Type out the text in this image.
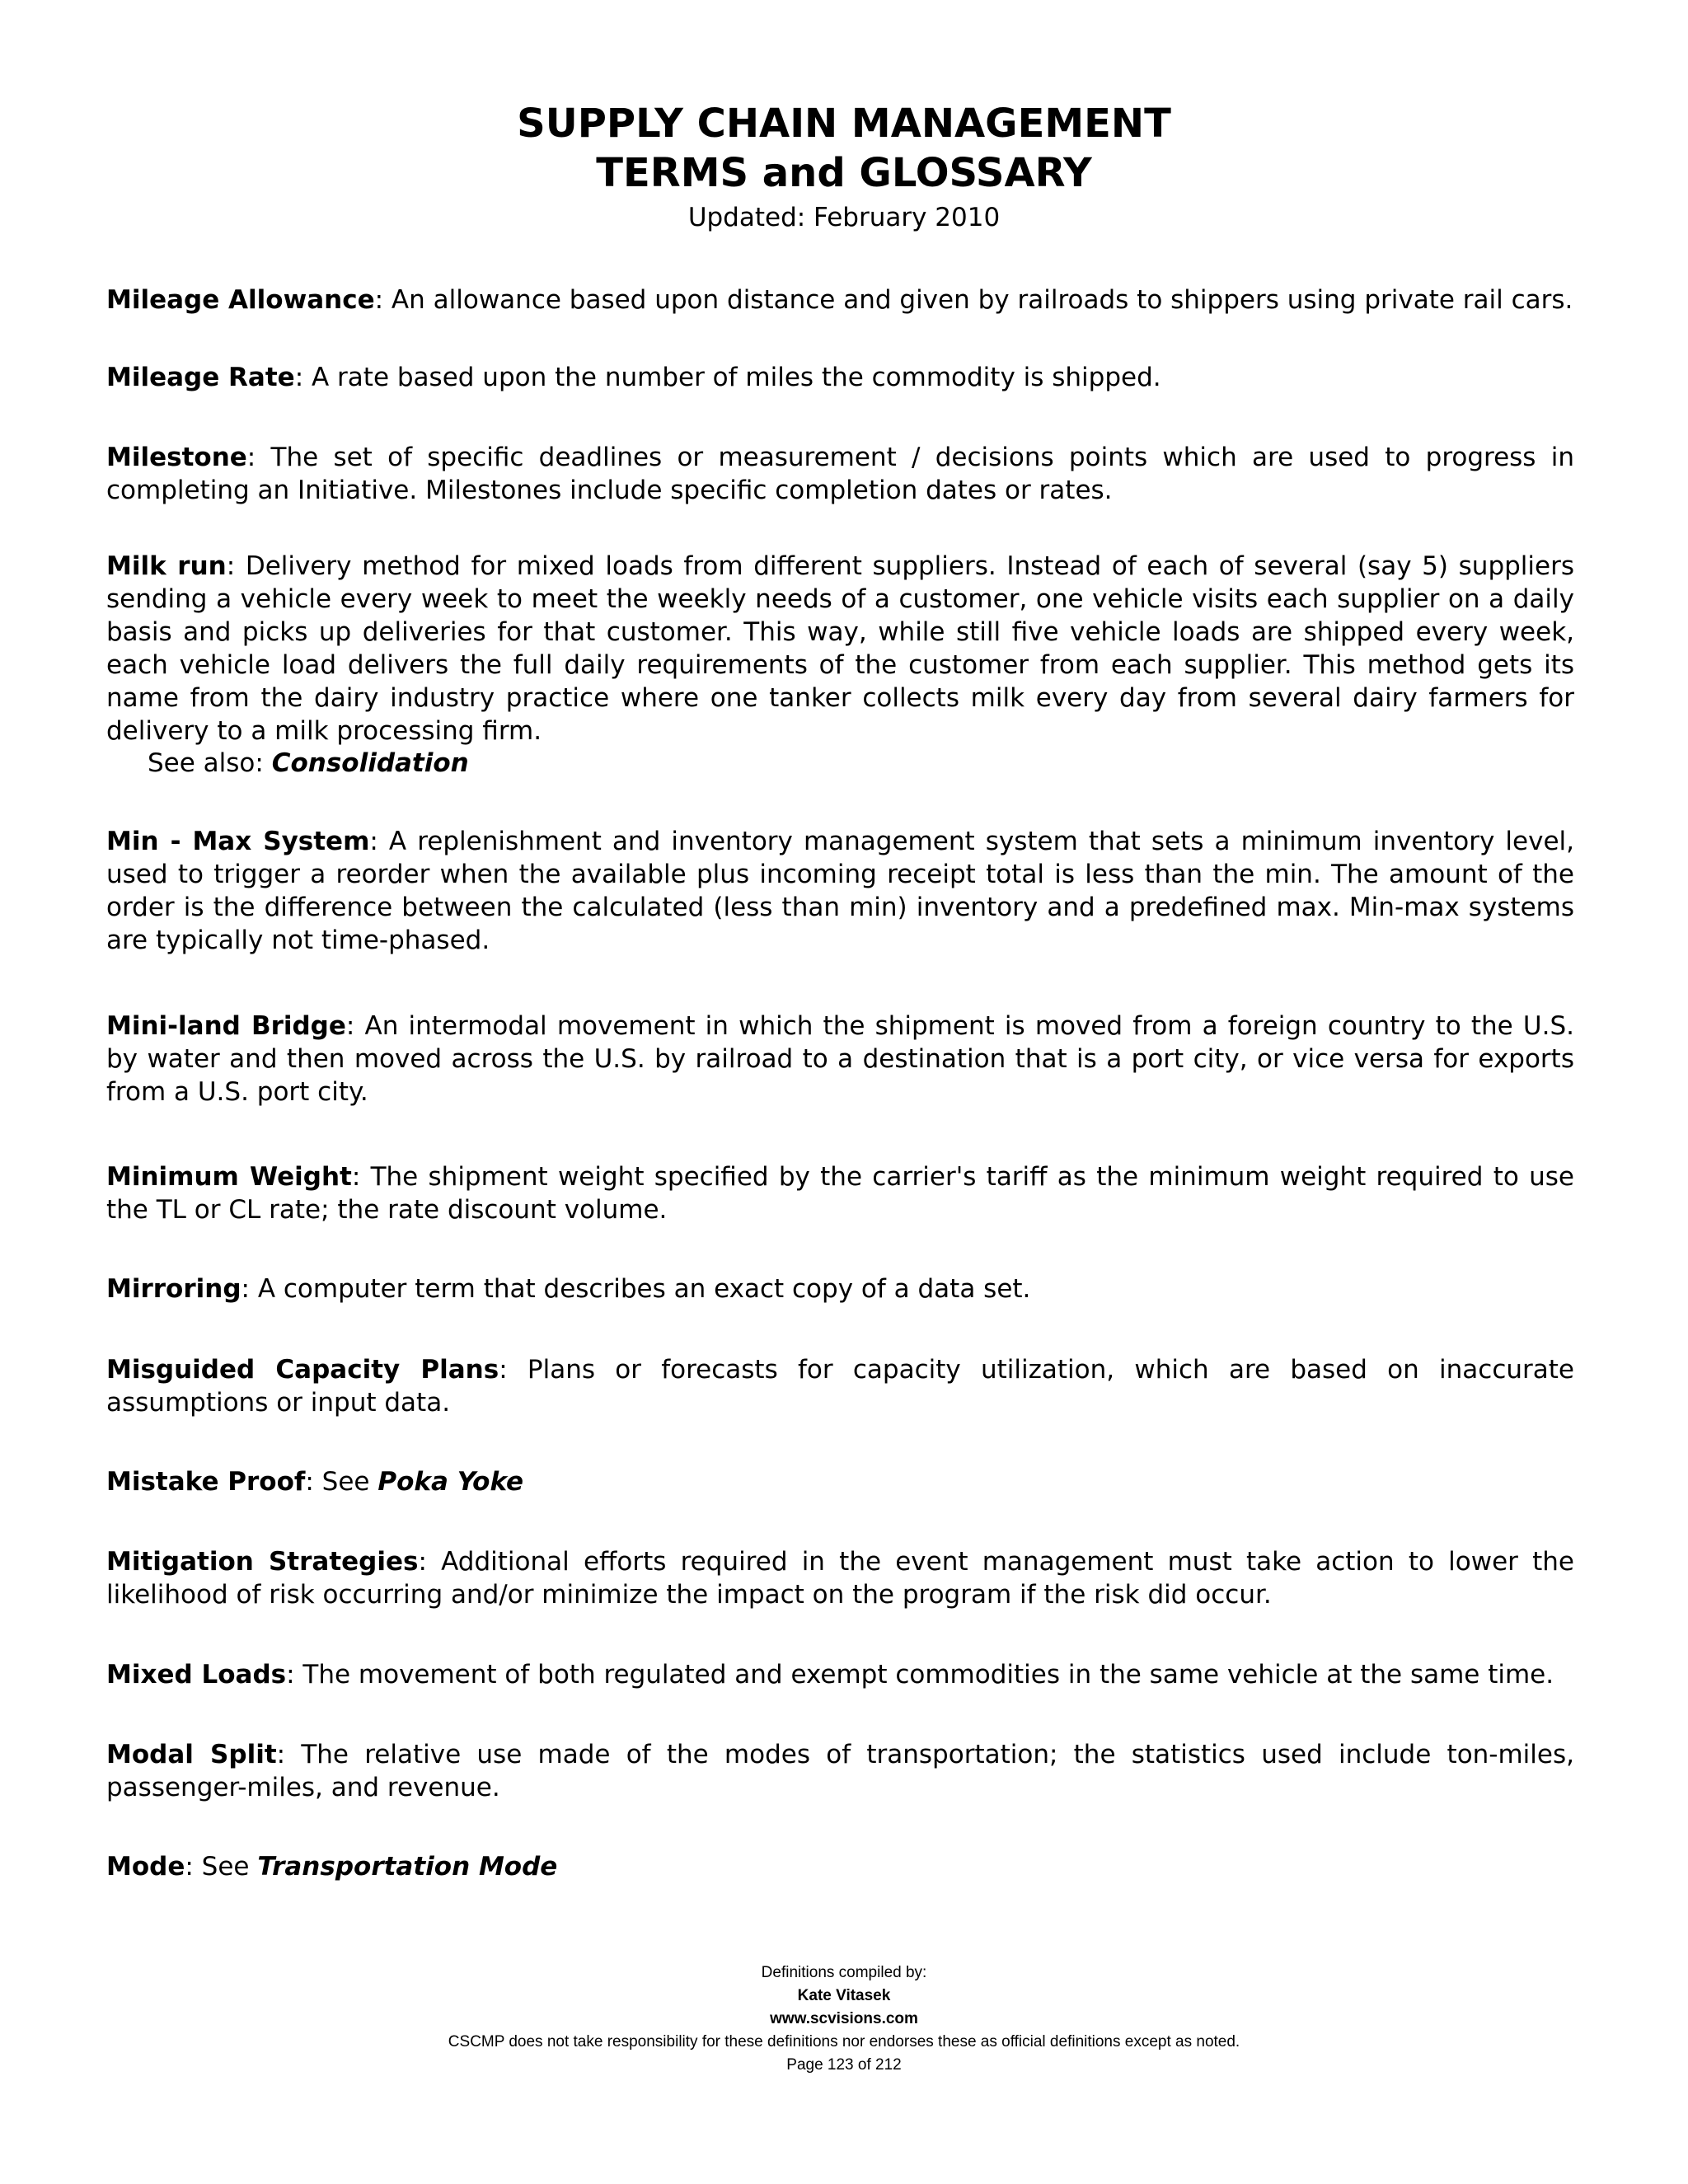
SUPPLY CHAIN MANAGEMENT
TERMS and GLOSSARY
Updated: February 2010

Mileage Allowance: An allowance based upon distance and given by railroads to shippers using private rail cars.

Mileage Rate: A rate based upon the number of miles the commodity is shipped.

Milestone: The set of specific deadlines or measurement / decisions points which are used to progress in completing an Initiative. Milestones include specific completion dates or rates.

Milk run: Delivery method for mixed loads from different suppliers. Instead of each of several (say 5) suppliers sending a vehicle every week to meet the weekly needs of a customer, one vehicle visits each supplier on a daily basis and picks up deliveries for that customer. This way, while still five vehicle loads are shipped every week, each vehicle load delivers the full daily requirements of the customer from each supplier. This method gets its name from the dairy industry practice where one tanker collects milk every day from several dairy farmers for delivery to a milk processing firm.

See also: Consolidation

Min - Max System: A replenishment and inventory management system that sets a minimum inventory level, used to trigger a reorder when the available plus incoming receipt total is less than the min. The amount of the order is the difference between the calculated (less than min) inventory and a predefined max. Min-max systems are typically not time-phased.

Mini-land Bridge: An intermodal movement in which the shipment is moved from a foreign country to the U.S. by water and then moved across the U.S. by railroad to a destination that is a port city, or vice versa for exports from a U.S. port city.

Minimum Weight: The shipment weight specified by the carrier's tariff as the minimum weight required to use the TL or CL rate; the rate discount volume.

Mirroring: A computer term that describes an exact copy of a data set.

Misguided Capacity Plans: Plans or forecasts for capacity utilization, which are based on inaccurate assumptions or input data.

Mistake Proof: See Poka Yoke

Mitigation Strategies: Additional efforts required in the event management must take action to lower the likelihood of risk occurring and/or minimize the impact on the program if the risk did occur.

Mixed Loads: The movement of both regulated and exempt commodities in the same vehicle at the same time.

Modal Split: The relative use made of the modes of transportation; the statistics used include ton-miles, passenger-miles, and revenue.

Mode: See Transportation Mode

Definitions compiled by:
Kate Vitasek
www.scvisions.com
CSCMP does not take responsibility for these definitions nor endorses these as official definitions except as noted.
Page 123 of 212
